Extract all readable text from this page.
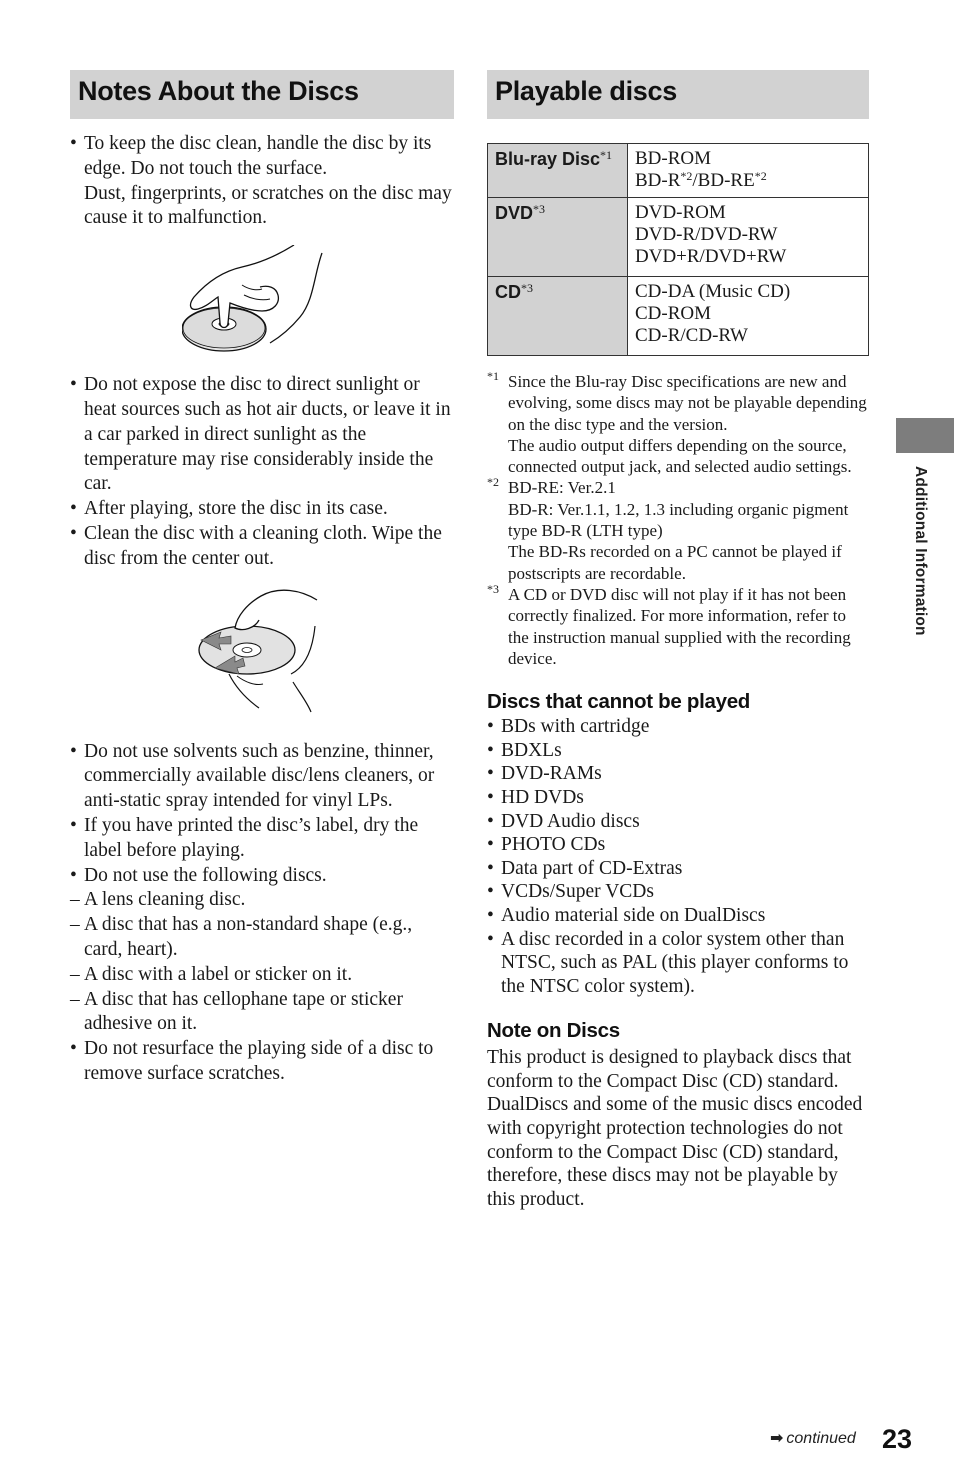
Notes About the Discs
• To keep the disc clean, handle the disc by its edge. Do not touch the surface.
Dust, fingerprints, or scratches on the disc may cause it to malfunction.
• Do not expose the disc to direct sunlight or heat sources such as hot air ducts, or leave it in a car parked in direct sunlight as the temperature may rise considerably inside the car.
• After playing, store the disc in its case.
• Clean the disc with a cleaning cloth. Wipe the disc from the center out.
• Do not use solvents such as benzine, thinner, commercially available disc/lens cleaners, or anti-static spray intended for vinyl LPs.
• If you have printed the disc’s label, dry the label before playing.
• Do not use the following discs.
– A lens cleaning disc.
– A disc that has a non-standard shape (e.g., card, heart).
– A disc with a label or sticker on it.
– A disc that has cellophane tape or sticker adhesive on it.
• Do not resurface the playing side of a disc to remove surface scratches.
Playable discs
Blu-ray Disc$^{*1}$	BD-ROM
$BD-R^{*2}/BD-RE^{*2}$

DVD$^{*3}$	DVD-ROM
DVD-R/DVD-RW
DVD+R/DVD+RW

CD$^{*3}$	CD-DA (Music CD)
CD-ROM
CD-R/CD-RW
*1 Since the Blu-ray Disc specifications are new and evolving, some discs may not be playable depending on the disc type and the version.
The audio output differs depending on the source, connected output jack, and selected audio settings.
*2 BD-RE: Ver.2.1
BD-R: Ver.1.1, 1.2, 1.3 including organic pigment type BD-R (LTH type)
The BD-Rs recorded on a PC cannot be played if postscripts are recordable.
*3 A CD or DVD disc will not play if it has not been correctly finalized. For more information, refer to the instruction manual supplied with the recording device.
Discs that cannot be played
• BDs with cartridge
• BDXLs
• DVD-RAMs
• HD DVDs
• DVD Audio discs
• PHOTO CDs
• Data part of CD-Extras
• VCDs/Super VCDs
• Audio material side on DualDiscs
• A disc recorded in a color system other than NTSC, such as PAL (this player conforms to the NTSC color system).
Note on Discs
This product is designed to playback discs that conform to the Compact Disc (CD) standard. DualDiscs and some of the music discs encoded with copyright protection technologies do not conform to the Compact Disc (CD) standard, therefore, these discs may not be playable by this product.
Additional Information
➡ continued 23
